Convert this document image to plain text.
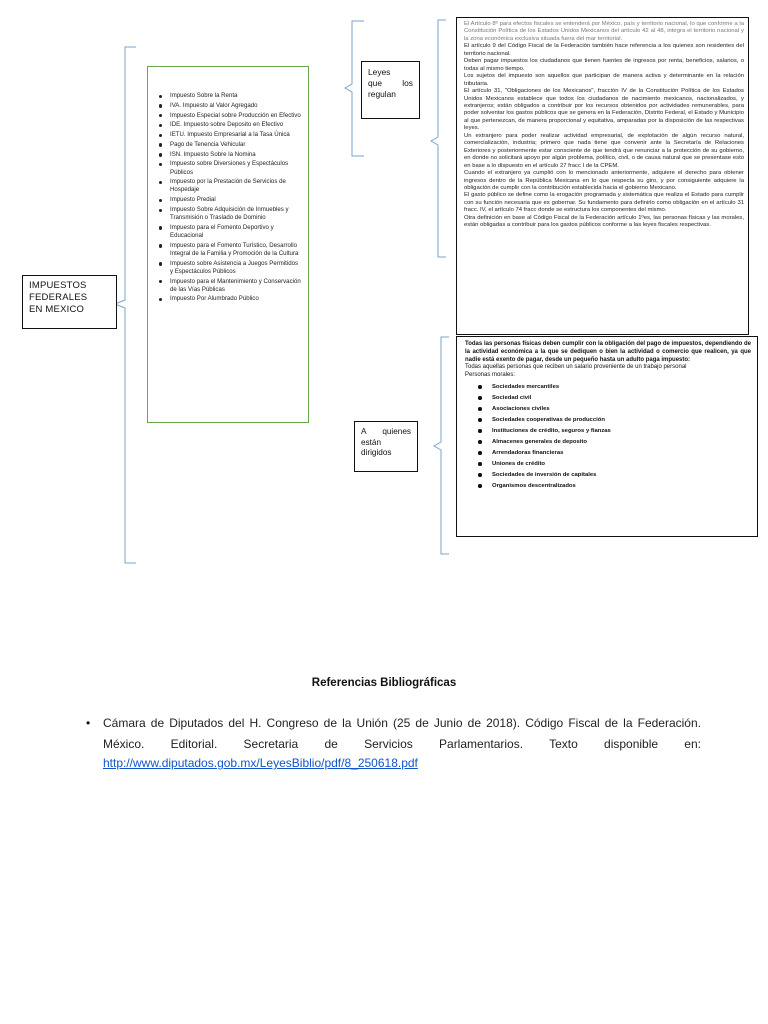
IMPUESTOS
FEDERALES
EN MEXICO
Impuesto Sobre la Renta
IVA. Impuesto al Valor Agregado
Impuesto Especial sobre Producción en Efectivo
IDE. Impuesto sobre Deposito en Efectivo
IETU. Impuesto Empresarial a la Tasa Única
Pago de Tenencia Vehicular
ISN. Impuesto Sobre la Nomina
Impuesto sobre Diversiones y Espectáculos Públicos
Impuesto por la Prestación de Servicios de Hospedaje
Impuesto Predial
Impuesto Sobre Adquisición de Inmuebles y Transmisión o Traslado de Dominio
Impuesto para el Fomento Deportivo y Educacional
Impuesto para el Fomento Turístico, Desarrollo Integral de la Familia y Promoción de la Cultura
Impuesto sobre Asistencia a Juegos Permitidos y Espectáculos Públicos
Impuesto para el Mantenimiento y Conservación de las Vías Públicas
Impuesto Por Alumbrado Público
Leyes
que los
regulan
A quienes
están
dirigidos

El Artículo 8º para efectos fiscales se entenderá por México, país y territorio nacional, lo que conforme a la Constitución Política de los Estados Unidos Mexicanos del artículo 42 al 48, integra el territorio nacional y la zona económica exclusiva situada fuera del mar territorial.

El artículo 9 del Código Fiscal de la Federación también hace referencia a los quienes son residentes del territorio nacional.

Deben pagar impuestos los ciudadanos que tienen fuentes de ingresos por renta, beneficios, salarios, o todas al mismo tiempo.

Los sujetos del impuesto son aquellos que participan de manera activa y determinante en la relación tributaria.

El artículo 31, "Obligaciones de los Mexicanos", fracción IV de la Constitución Política de los Estados Unidos Mexicanos establece que todos los ciudadanos de nacimiento mexicanos, nacionalizados, y extranjeros; están obligados a contribuir por los recursos obtenidos por actividades remunerables, para poder solventar los gastos públicos que se genera en la Federación, Distrito Federal, el Estado y Municipio al que pertenezcan, de manera proporcional y equitativa, amparadas por la disposición de las respectivas leyes.

Un extranjero para poder realizar actividad empresarial, de explotación de algún recurso natural, comercialización, industria; primero que nada tiene que convenir ante la Secretaría de Relaciones Exteriores y posteriormente estar consciente de que tendrá que renunciar a la protección de su gobierno, en donde no solicitará apoyo por algún problema, político, civil, o de causa natural que se presentase esto en base a lo dispuesto en el artículo 27 fracc I de la CPEM.

Cuando el extranjero ya cumplió con lo mencionado anteriormente, adquiere el derecho para obtener ingresos dentro de la República Mexicana en lo que respecta su giro, y por consiguiente adquiere la obligación de cumplir con la contribución establecida hacia el gobierno Mexicano.

El gasto público se define como la erogación programada y sistemática que realiza el Estado para cumplir con su función necesaria que es gobernar. Su fundamento para definirlo como obligación en el artículo 31 fracc. IV, el artículo 74 fracc donde se estructura los componentes del mismo.

Otra definición en base al Código Fiscal de la Federación artículo 1ºes, las personas físicas y las morales, están obligadas a contribuir para los gastos públicos conforme a las leyes fiscales respectivas.

Todas las personas físicas deben cumplir con la obligación del pago de impuestos, dependiendo de la actividad económica a la que se dediquen o bien la actividad o comercio que realicen, ya que nadie está exento de pagar, desde un pequeño hasta un adulto paga impuesto:

Todas aquellas personas que reciben un salario proveniente de un trabajo personal

Personas morales:

Sociedades mercantiles
Sociedad civil
Asociaciones civiles
Sociedades cooperativas de producción
Instituciones de crédito, seguros y fianzas
Almacenes generales de deposito
Arrendadoras financieras
Uniones de crédito
Sociedades de inversión de capitales
Organismos descentralizados
Referencias Bibliográficas
• Cámara de Diputados del H. Congreso de la Unión (25 de Junio de 2018). Código Fiscal de la Federación. México. Editorial. Secretaria de Servicios Parlamentarios. Texto disponible en:
http://www.diputados.gob.mx/LeyesBiblio/pdf/8_250618.pdf
